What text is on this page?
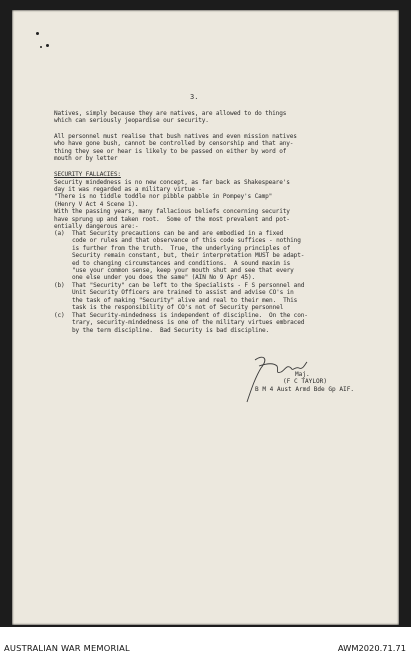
3.
Natives, simply because they are natives, are allowed to do things
which can seriously jeopardise our security.
All personnel must realise that bush natives and even mission natives
who have gone bush, cannot be controlled by censorship and that any-
thing they see or hear is likely to be passed on either by word of
mouth or by letter
SECURITY FALLACIES:
Security mindedness is no new concept, as far back as Shakespeare's
day it was regarded as a military virtue -
"There is no tiddle toddle nor pibble pabble in Pompey's Camp"
(Henry V Act 4 Scene 1).
With the passing years, many fallacious beliefs concerning security
have sprung up and taken root.  Some of the most prevalent and pot-
entially dangerous are:-
(a)	That Security precautions can be and are embodied in a fixed
code or rules and that observance of this code suffices - nothing
is further from the truth.  True, the underlying principles of
Security remain constant, but, their interpretation MUST be adapt-
ed to changing circumstances and conditions.  A sound maxim is
"use your common sense, keep your mouth shut and see that every
one else under you does the same" (AIN No 9 Apr 45).
(b)	That "Security" can be left to the Specialists - F S personnel and
Unit Security Officers are trained to assist and advise CO's in
the task of making "Security" alive and real to their men.  This
task is the responsibility of CO's not of Security personnel
(c)	That Security-mindedness is independent of discipline.  On the con-
trary, security-mindedness is one of the military virtues embraced
by the term discipline.  Bad Security is bad discipline.
Maj.
(F C TAYLOR)
B M 4 Aust Armd Bde Gp AIF.
AUSTRALIAN WAR MEMORIAL	AWM2020.71.71
